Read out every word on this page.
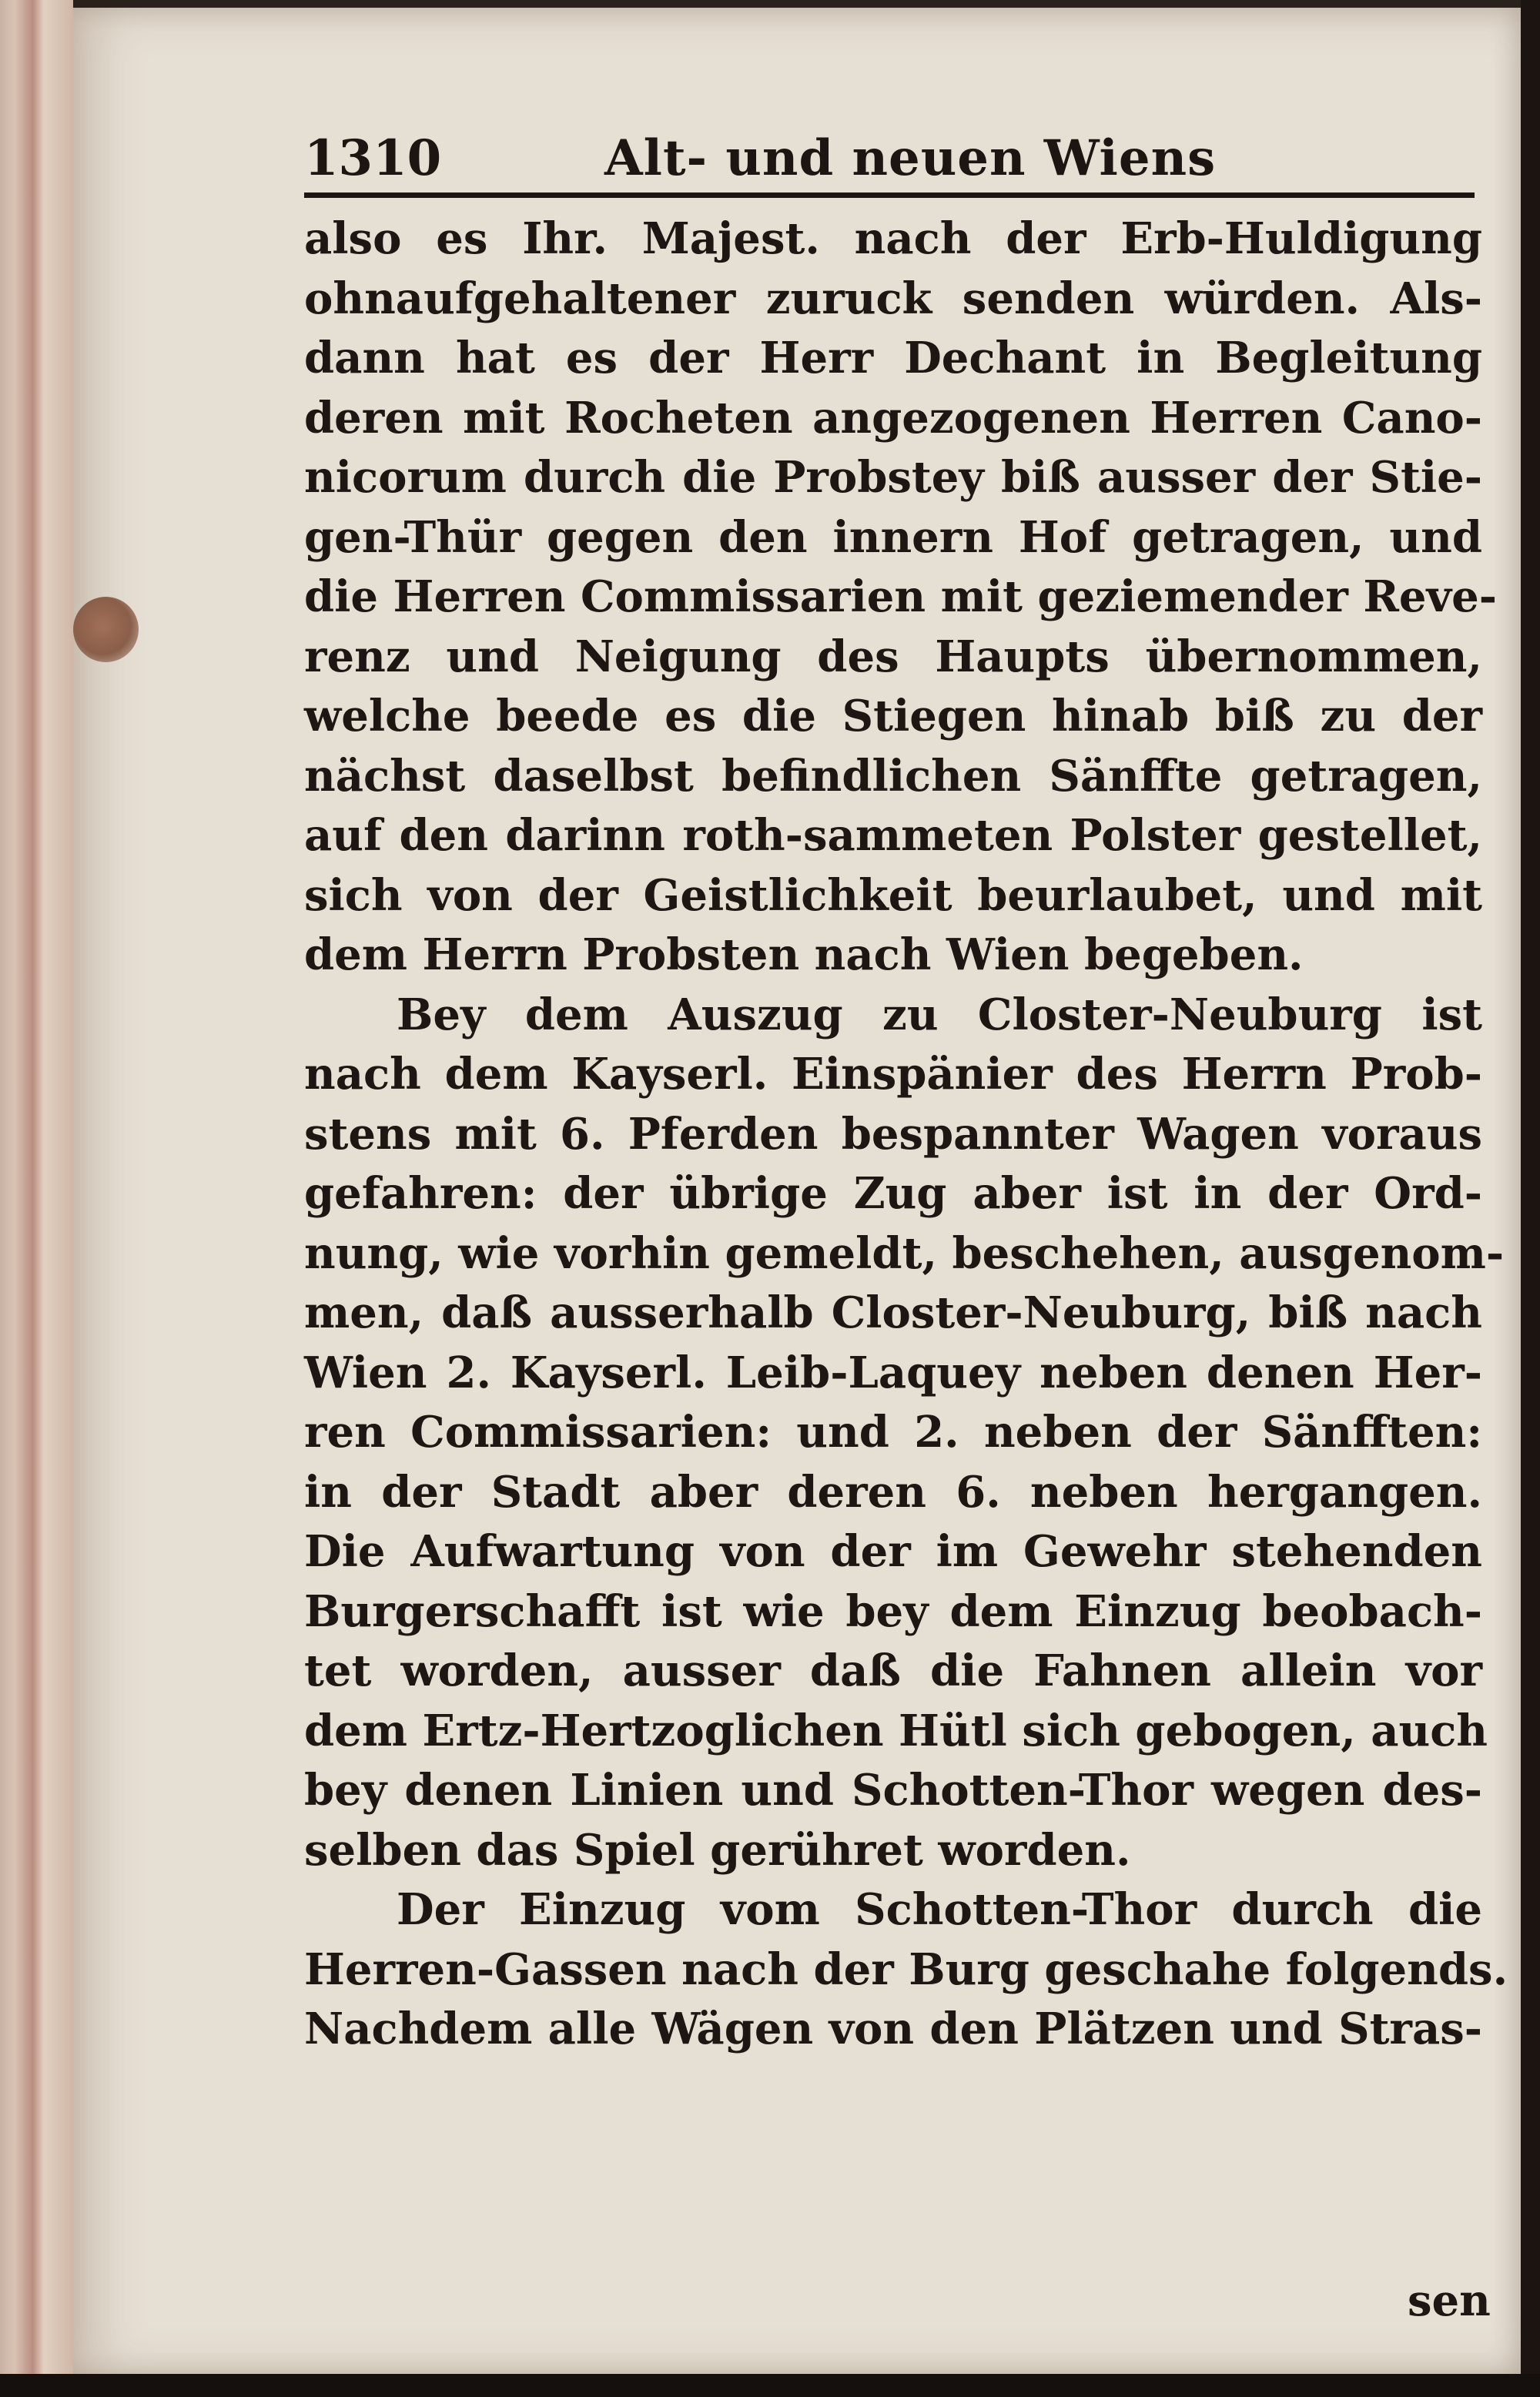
1310	Alt- und neuen Wiens
also es Ihr. Majest. nach der Erb-Huldigung
ohnaufgehaltener zuruck senden würden. Als-
dann hat es der Herr Dechant in Begleitung
deren mit Rocheten angezogenen Herren Cano-
nicorum durch die Probstey biß ausser der Stie-
gen-Thür gegen den innern Hof getragen, und
die Herren Commissarien mit geziemender Reve-
renz und Neigung des Haupts übernommen,
welche beede es die Stiegen hinab biß zu der
nächst daselbst befindlichen Sänffte getragen,
auf den darinn roth-sammeten Polster gestellet,
sich von der Geistlichkeit beurlaubet, und mit
dem Herrn Probsten nach Wien begeben.
Bey dem Auszug zu Closter-Neuburg ist
nach dem Kayserl. Einspänier des Herrn Prob-
stens mit 6. Pferden bespannter Wagen voraus
gefahren: der übrige Zug aber ist in der Ord-
nung, wie vorhin gemeldt, beschehen, ausgenom-
men, daß ausserhalb Closter-Neuburg, biß nach
Wien 2. Kayserl. Leib-Laquey neben denen Her-
ren Commissarien: und 2. neben der Sänfften:
in der Stadt aber deren 6. neben hergangen.
Die Aufwartung von der im Gewehr stehenden
Burgerschafft ist wie bey dem Einzug beobach-
tet worden, ausser daß die Fahnen allein vor
dem Ertz-Hertzoglichen Hütl sich gebogen, auch
bey denen Linien und Schotten-Thor wegen des-
selben das Spiel gerühret worden.
Der Einzug vom Schotten-Thor durch die
Herren-Gassen nach der Burg geschahe folgends.
Nachdem alle Wägen von den Plätzen und Stras-
sen
